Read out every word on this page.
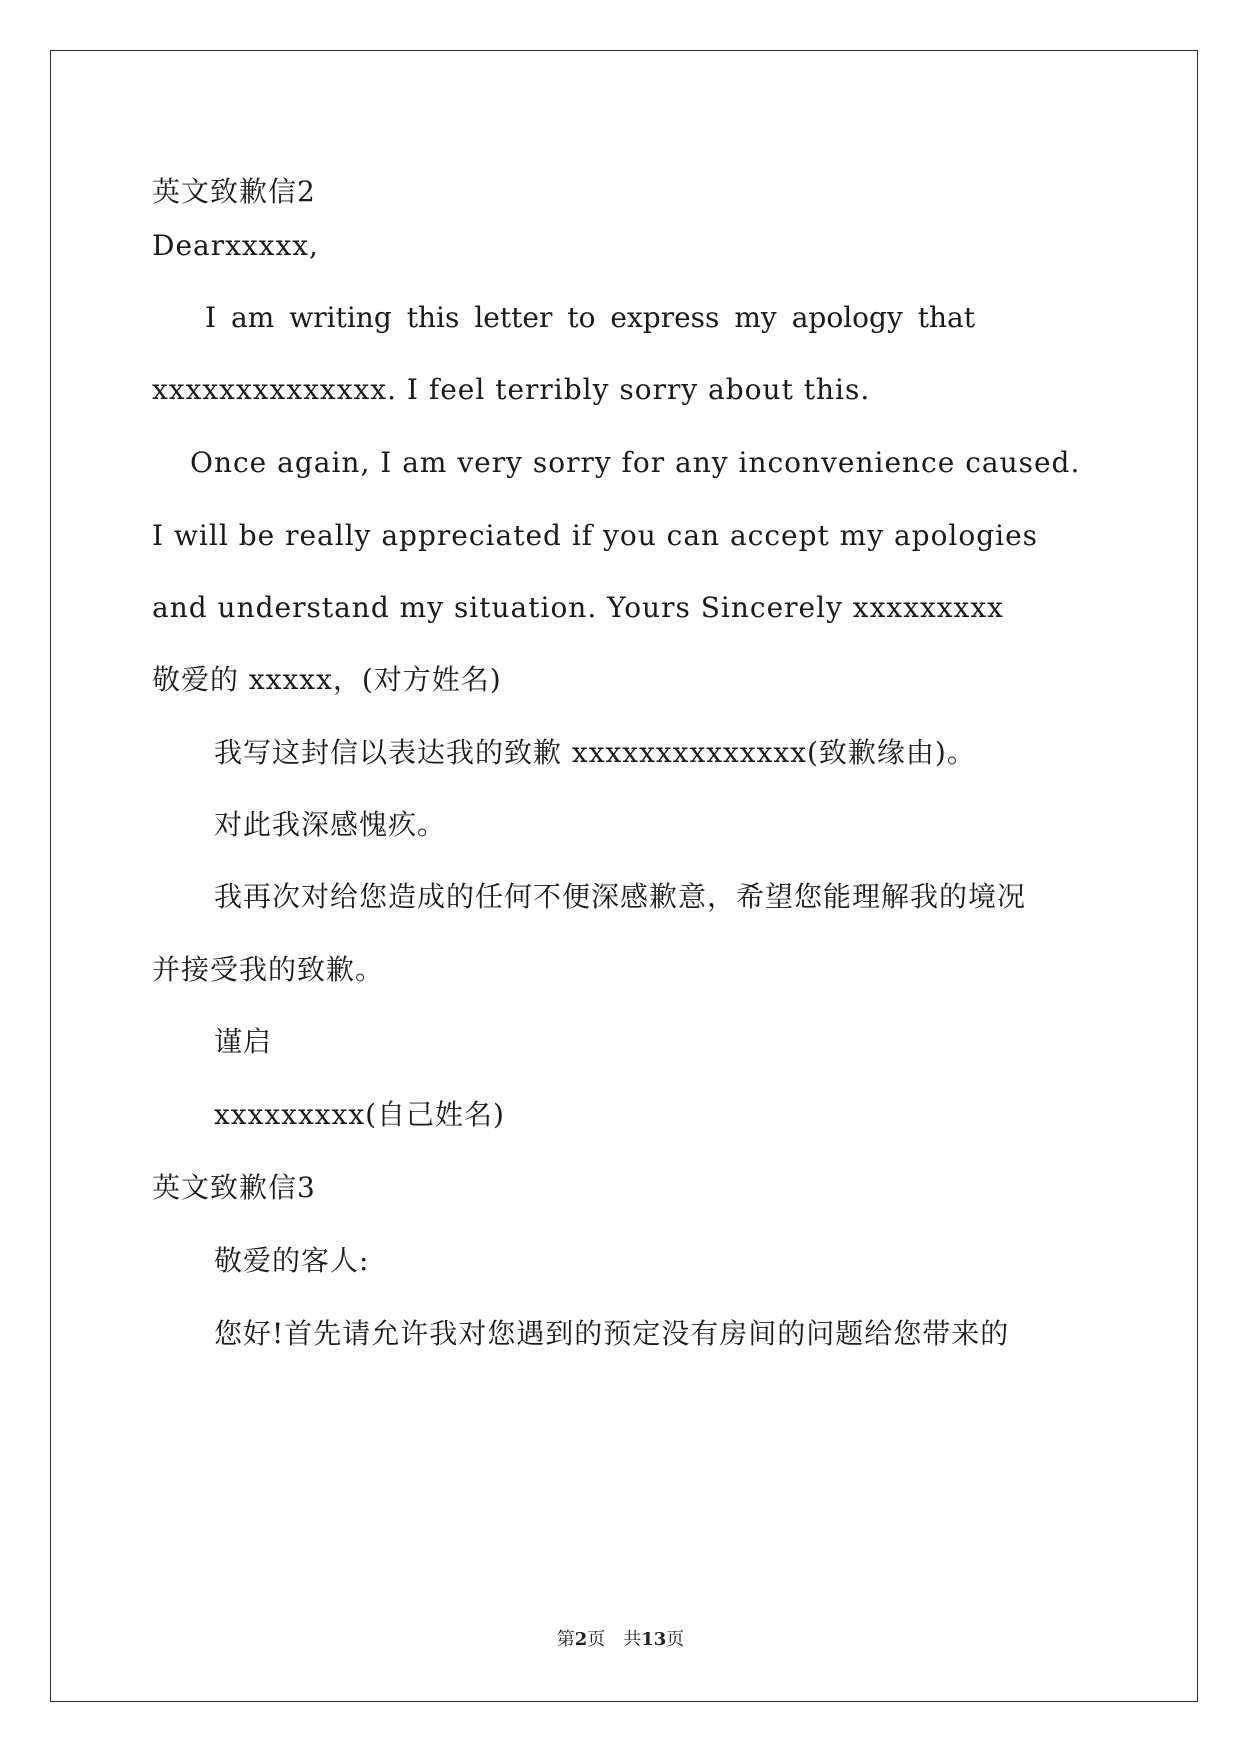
英文致歉信2
Dearxxxxx,
I am writing this letter to express my apology that
xxxxxxxxxxxxxx. I feel terribly sorry about this.
Once again, I am very sorry for any inconvenience caused.
I will be really appreciated if you can accept my apologies
and understand my situation. Yours Sincerely xxxxxxxxx
敬爱的 xxxxx，(对方姓名)
我写这封信以表达我的致歉 xxxxxxxxxxxxxx(致歉缘由)。
对此我深感愧疚。
我再次对给您造成的任何不便深感歉意，希望您能理解我的境况
并接受我的致歉。
谨启
xxxxxxxxx(自己姓名)
英文致歉信3
敬爱的客人:
您好!首先请允许我对您遇到的预定没有房间的问题给您带来的
第2页 共13页
